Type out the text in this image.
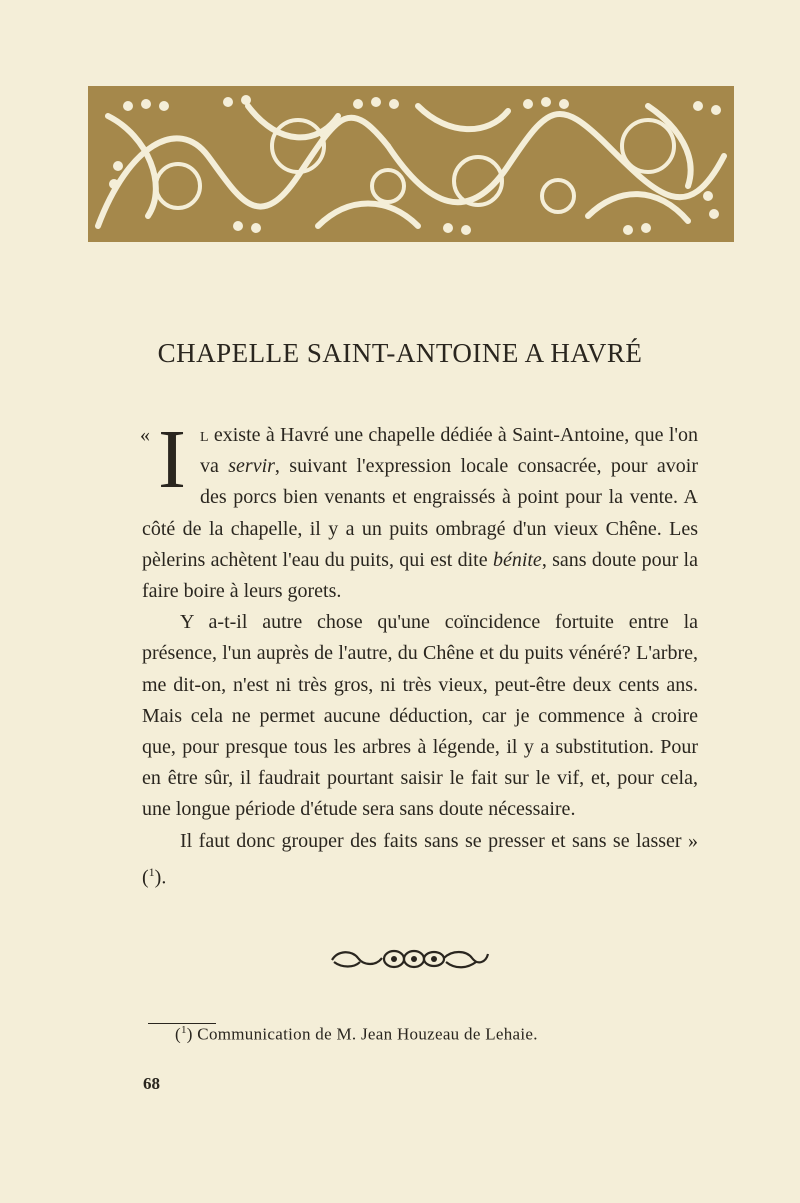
CHAPELLE SAINT-ANTOINE A HAVRÉ

« I l existe à Havré une chapelle dédiée à Saint-Antoine, que l'on va servir, suivant l'expression locale consacrée, pour avoir des porcs bien venants et engraissés à point pour la vente. A côté de la chapelle, il y a un puits ombragé d'un vieux Chêne. Les pèlerins achètent l'eau du puits, qui est dite bénite, sans doute pour la faire boire à leurs gorets.

Y a-t-il autre chose qu'une coïncidence fortuite entre la présence, l'un auprès de l'autre, du Chêne et du puits vénéré? L'arbre, me dit-on, n'est ni très gros, ni très vieux, peut-être deux cents ans. Mais cela ne permet aucune déduction, car je commence à croire que, pour presque tous les arbres à légende, il y a substitution. Pour en être sûr, il faudrait pourtant saisir le fait sur le vif, et, pour cela, une longue période d'étude sera sans doute nécessaire.

Il faut donc grouper des faits sans se presser et sans se lasser » ($^1$).

($^1$) Communication de M. Jean Houzeau de Lehaie.
68
